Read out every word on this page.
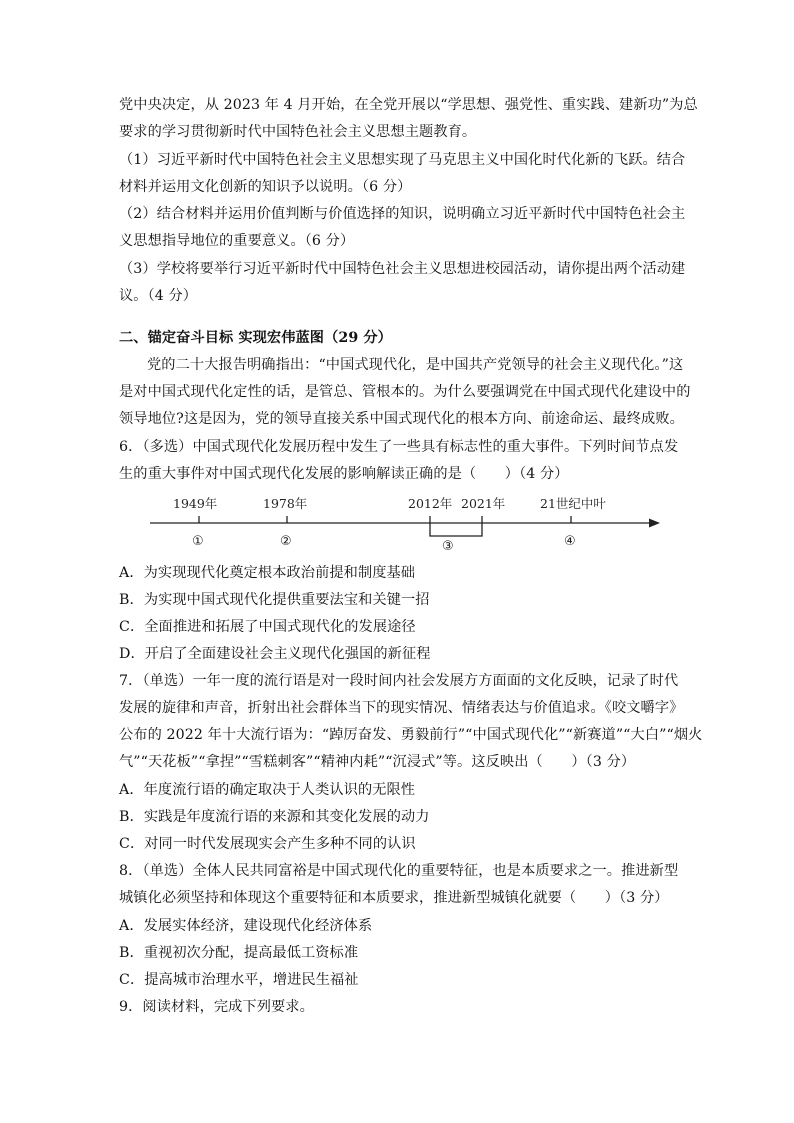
党中央决定，从 2023 年 4 月开始，在全党开展以“学思想、强党性、重实践、建新功”为总
要求的学习贯彻新时代中国特色社会主义思想主题教育。
（1）习近平新时代中国特色社会主义思想实现了马克思主义中国化时代化新的飞跃。结合
材料并运用文化创新的知识予以说明。（6 分）
（2）结合材料并运用价值判断与价值选择的知识，说明确立习近平新时代中国特色社会主
义思想指导地位的重要意义。（6 分）
（3）学校将要举行习近平新时代中国特色社会主义思想进校园活动，请你提出两个活动建
议。（4 分）
二、锚定奋斗目标 实现宏伟蓝图（29 分）
党的二十大报告明确指出：“中国式现代化，是中国共产党领导的社会主义现代化。”这
是对中国式现代化定性的话，是管总、管根本的。为什么要强调党在中国式现代化建设中的
领导地位?这是因为，党的领导直接关系中国式现代化的根本方向、前途命运、最终成败。
6．（多选）中国式现代化发展历程中发生了一些具有标志性的重大事件。下列时间节点发
生的重大事件对中国式现代化发展的影响解读正确的是（　　）（4 分）
1949年	1978年	2012年 2021年	21世纪中叶
①	②	③	④
A．为实现现代化奠定根本政治前提和制度基础
B．为实现中国式现代化提供重要法宝和关键一招
C．全面推进和拓展了中国式现代化的发展途径
D．开启了全面建设社会主义现代化强国的新征程
7．（单选）一年一度的流行语是对一段时间内社会发展方方面面的文化反映，记录了时代
发展的旋律和声音，折射出社会群体当下的现实情况、情绪表达与价值追求。《咬文嚼字》
公布的 2022 年十大流行语为：“踔厉奋发、勇毅前行”“中国式现代化”“新赛道”“大白”“烟火
气”“天花板”“拿捏”“雪糕刺客”“精神内耗”“沉浸式”等。这反映出（　　）（3 分）
A．年度流行语的确定取决于人类认识的无限性
B．实践是年度流行语的来源和其变化发展的动力
C．对同一时代发展现实会产生多种不同的认识
8．（单选）全体人民共同富裕是中国式现代化的重要特征，也是本质要求之一。推进新型
城镇化必须坚持和体现这个重要特征和本质要求，推进新型城镇化就要（　　）（3 分）
A．发展实体经济，建设现代化经济体系
B．重视初次分配，提高最低工资标准
C．提高城市治理水平，增进民生福祉
9．阅读材料，完成下列要求。
